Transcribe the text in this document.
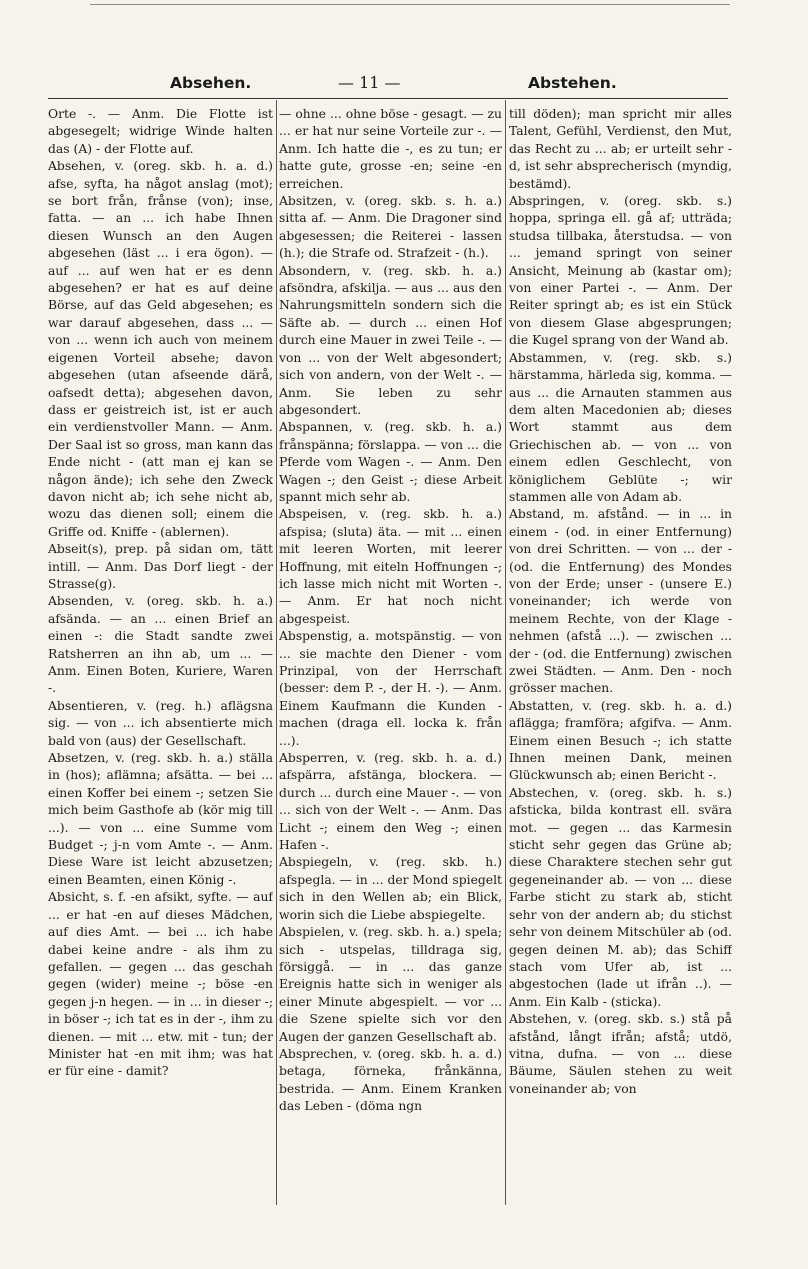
Absehen.	— 11 —	Abstehen.

Orte -. — Anm. Die Flotte ist abgesegelt; widrige Winde halten das (A) - der Flotte auf.

Absehen, v. (oreg. skb. h. a. d.) afse, syfta, ha något anslag (mot); se bort från, frånse (von); inse, fatta. — an ... ich habe Ihnen diesen Wunsch an den Augen abgesehen (läst ... i era ögon). — auf ... auf wen hat er es denn abgesehen? er hat es auf deine Börse, auf das Geld abgesehen; es war darauf abgesehen, dass ... — von ... wenn ich auch von meinem eigenen Vorteil absehe; davon abgesehen (utan afseende därå, oafsedt detta); abgesehen davon, dass er geistreich ist, ist er auch ein verdienstvoller Mann. — Anm. Der Saal ist so gross, man kann das Ende nicht - (att man ej kan se någon ände); ich sehe den Zweck davon nicht ab; ich sehe nicht ab, wozu das dienen soll; einem die Griffe od. Kniffe - (ablernen).

Abseit(s), prep. på sidan om, tätt intill. — Anm. Das Dorf liegt - der Strasse(g).

Absenden, v. (oreg. skb. h. a.) afsända. — an ... einen Brief an einen -: die Stadt sandte zwei Ratsherren an ihn ab, um ... — Anm. Einen Boten, Kuriere, Waren -.

Absentieren, v. (reg. h.) aflägsna sig. — von ... ich absentierte mich bald von (aus) der Gesellschaft.

Absetzen, v. (reg. skb. h. a.) ställa in (hos); aflämna; afsätta. — bei ... einen Koffer bei einem -; setzen Sie mich beim Gasthofe ab (kör mig till ...). — von ... eine Summe vom Budget -; j-n vom Amte -. — Anm. Diese Ware ist leicht abzusetzen; einen Beamten, einen König -.

Absicht, s. f. -en afsikt, syfte. — auf ... er hat -en auf dieses Mädchen, auf dies Amt. — bei ... ich habe dabei keine andre - als ihm zu gefallen. — gegen ... das geschah gegen (wider) meine -; böse -en gegen j-n hegen. — in ... in dieser -; in böser -; ich tat es in der -, ihm zu dienen. — mit ... etw. mit - tun; der Minister hat -en mit ihm; was hat er für eine - damit?

— ohne ... ohne böse - gesagt. — zu ... er hat nur seine Vorteile zur -. — Anm. Ich hatte die -, es zu tun; er hatte gute, grosse -en; seine -en erreichen.

Absitzen, v. (oreg. skb. s. h. a.) sitta af. — Anm. Die Dragoner sind abgesessen; die Reiterei - lassen (h.); die Strafe od. Strafzeit - (h.).

Absondern, v. (reg. skb. h. a.) afsöndra, afskilja. — aus ... aus den Nahrungsmitteln sondern sich die Säfte ab. — durch ... einen Hof durch eine Mauer in zwei Teile -. — von ... von der Welt abgesondert; sich von andern, von der Welt -. — Anm. Sie leben zu sehr abgesondert.

Abspannen, v. (reg. skb. h. a.) frånspänna; förslappa. — von ... die Pferde vom Wagen -. — Anm. Den Wagen -; den Geist -; diese Arbeit spannt mich sehr ab.

Abspeisen, v. (reg. skb. h. a.) afspisa; (sluta) äta. — mit ... einen mit leeren Worten, mit leerer Hoffnung, mit eiteln Hoffnungen -; ich lasse mich nicht mit Worten -. — Anm. Er hat noch nicht abgespeist.

Abspenstig, a. motspänstig. — von ... sie machte den Diener - vom Prinzipal, von der Herrschaft (besser: dem P. -, der H. -). — Anm. Einem Kaufmann die Kunden - machen (draga ell. locka k. från ...).

Absperren, v. (reg. skb. h. a. d.) afspärra, afstänga, blockera. — durch ... durch eine Mauer -. — von ... sich von der Welt -. — Anm. Das Licht -; einem den Weg -; einen Hafen -.

Abspiegeln, v. (reg. skb. h.) afspegla. — in ... der Mond spiegelt sich in den Wellen ab; ein Blick, worin sich die Liebe abspiegelte.

Abspielen, v. (reg. skb. h. a.) spela; sich - utspelas, tilldraga sig, försiggå. — in ... das ganze Ereignis hatte sich in weniger als einer Minute abgespielt. — vor ... die Szene spielte sich vor den Augen der ganzen Gesellschaft ab.

Absprechen, v. (oreg. skb. h. a. d.) betaga, förneka, frånkänna, bestrida. — Anm. Einem Kranken das Leben - (döma ngn

till döden); man spricht mir alles Talent, Gefühl, Verdienst, den Mut, das Recht zu ... ab; er urteilt sehr -d, ist sehr absprecherisch (myndig, bestämd).

Abspringen, v. (oreg. skb. s.) hoppa, springa ell. gå af; utträda; studsa tillbaka, återstudsa. — von ... jemand springt von seiner Ansicht, Meinung ab (kastar om); von einer Partei -. — Anm. Der Reiter springt ab; es ist ein Stück von diesem Glase abgesprungen; die Kugel sprang von der Wand ab.

Abstammen, v. (reg. skb. s.) härstamma, härleda sig, komma. — aus ... die Arnauten stammen aus dem alten Macedonien ab; dieses Wort stammt aus dem Griechischen ab. — von ... von einem edlen Geschlecht, von königlichem Geblüte -; wir stammen alle von Adam ab.

Abstand, m. afstånd. — in ... in einem - (od. in einer Entfernung) von drei Schritten. — von ... der - (od. die Entfernung) des Mondes von der Erde; unser - (unsere E.) voneinander; ich werde von meinem Rechte, von der Klage - nehmen (afstå ...). — zwischen ... der - (od. die Entfernung) zwischen zwei Städten. — Anm. Den - noch grösser machen.

Abstatten, v. (reg. skb. h. a. d.) aflägga; framföra; afgifva. — Anm. Einem einen Besuch -; ich statte Ihnen meinen Dank, meinen Glückwunsch ab; einen Bericht -.

Abstechen, v. (oreg. skb. h. s.) afsticka, bilda kontrast ell. svära mot. — gegen ... das Karmesin sticht sehr gegen das Grüne ab; diese Charaktere stechen sehr gut gegeneinander ab. — von ... diese Farbe sticht zu stark ab, sticht sehr von der andern ab; du stichst sehr von deinem Mitschüler ab (od. gegen deinen M. ab); das Schiff stach vom Ufer ab, ist ... abgestochen (lade ut ifrån ..). — Anm. Ein Kalb - (sticka).

Abstehen, v. (oreg. skb. s.) stå på afstånd, långt ifrån; afstå; utdö, vitna, dufna. — von ... diese Bäume, Säulen stehen zu weit voneinander ab; von
